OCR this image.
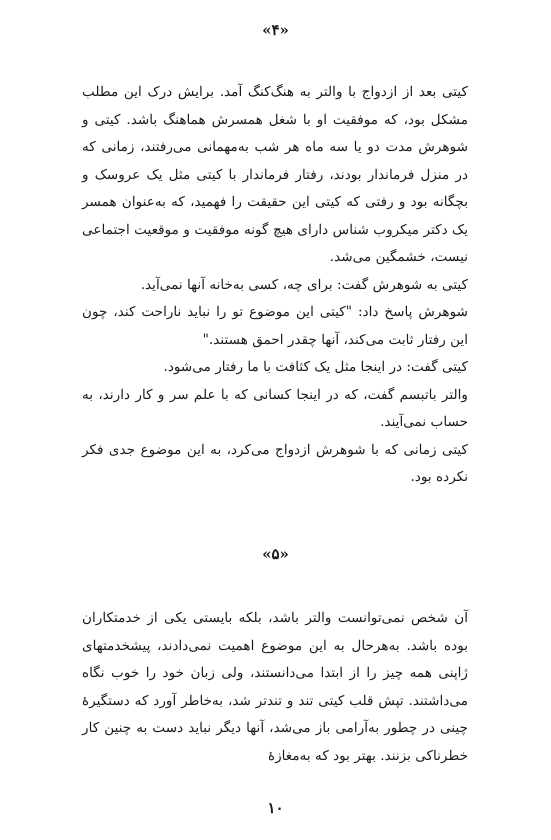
«۴»

کیتی بعد از ازدواج با والتر به هنگ‌کنگ آمد. برایش درک این مطلب مشکل بود، که موفقیت او با شغل همسرش هماهنگ باشد. کیتی و شوهرش مدت دو یا سه ماه هر شب به‌مهمانی می‌رفتند، زمانی که در منزل فرماندار بودند، رفتار فرماندار با کیتی مثل یک عروسک و بچگانه بود و رفتی که کیتی این حقیقت را فهمید، که به‌عنوان همسر یک دکتر میکروب شناس دارای هیچ گونه موفقیت و موقعیت اجتماعی نیست، خشمگین می‌شد.

کیتی به شوهرش گفت: برای چه، کسی به‌خانه آنها نمی‌آید.

شوهرش پاسخ داد: "کیتی این موضوع تو را نباید ناراحت کند، چون این رفتار ثابت می‌کند، آنها چقدر احمق هستند."

کیتی گفت: در اینجا مثل یک کثافت با ما رفتار می‌شود.

والتر باتبسم گفت، که در اینجا کسانی که با علم سر و کار دارند، به حساب نمی‌آیند.

کیتی زمانی که با شوهرش ازدواج می‌کرد، به این موضوع جدی فکر نکرده بود.

«۵»

آن شخص نمی‌توانست والتر باشد، بلکه بایستی یکی از خدمتکاران بوده باشد. به‌هرحال به این موضوع اهمیت نمی‌دادند، پیشخدمتهای ژاپنی همه چیز را از ابتدا می‌دانستند، ولی زبان خود را خوب نگاه می‌داشتند. تپش قلب کیتی تند و تندتر شد، به‌خاطر آورد که دستگیرهٔ چینی در چطور به‌آرامی باز می‌شد، آنها دیگر نباید دست به چنین کار خطرناکی بزنند. بهتر بود که به‌مغازهٔ

۱۰
